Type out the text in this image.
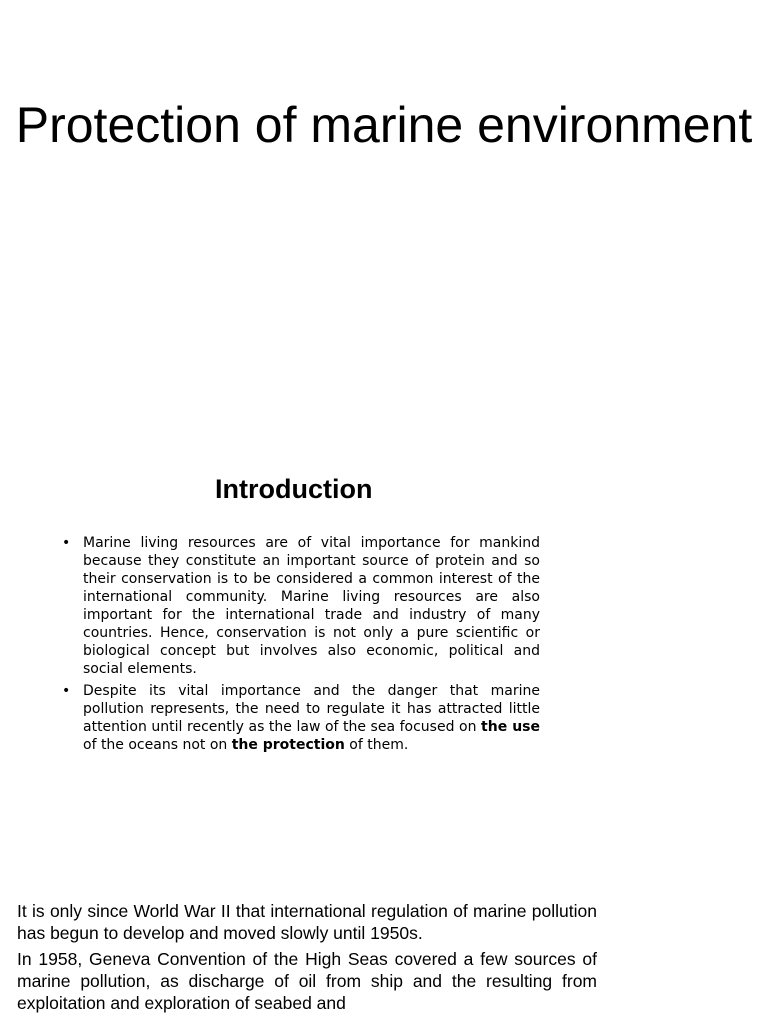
Protection of marine environment
Introduction
• Marine living resources are of vital importance for mankind because they constitute an important source of protein and so their conservation is to be considered a common interest of the international community. Marine living resources are also important for the international trade and industry of many countries. Hence, conservation is not only a pure scientific or biological concept but involves also economic, political and social elements.
• Despite its vital importance and the danger that marine pollution represents, the need to regulate it has attracted little attention until recently as the law of the sea focused on the use of the oceans not on the protection of them.

It is only since World War II that international regulation of marine pollution has begun to develop and moved slowly until 1950s.

In 1958, Geneva Convention of the High Seas covered a few sources of marine pollution, as discharge of oil from ship and the resulting from exploitation and exploration of seabed and
